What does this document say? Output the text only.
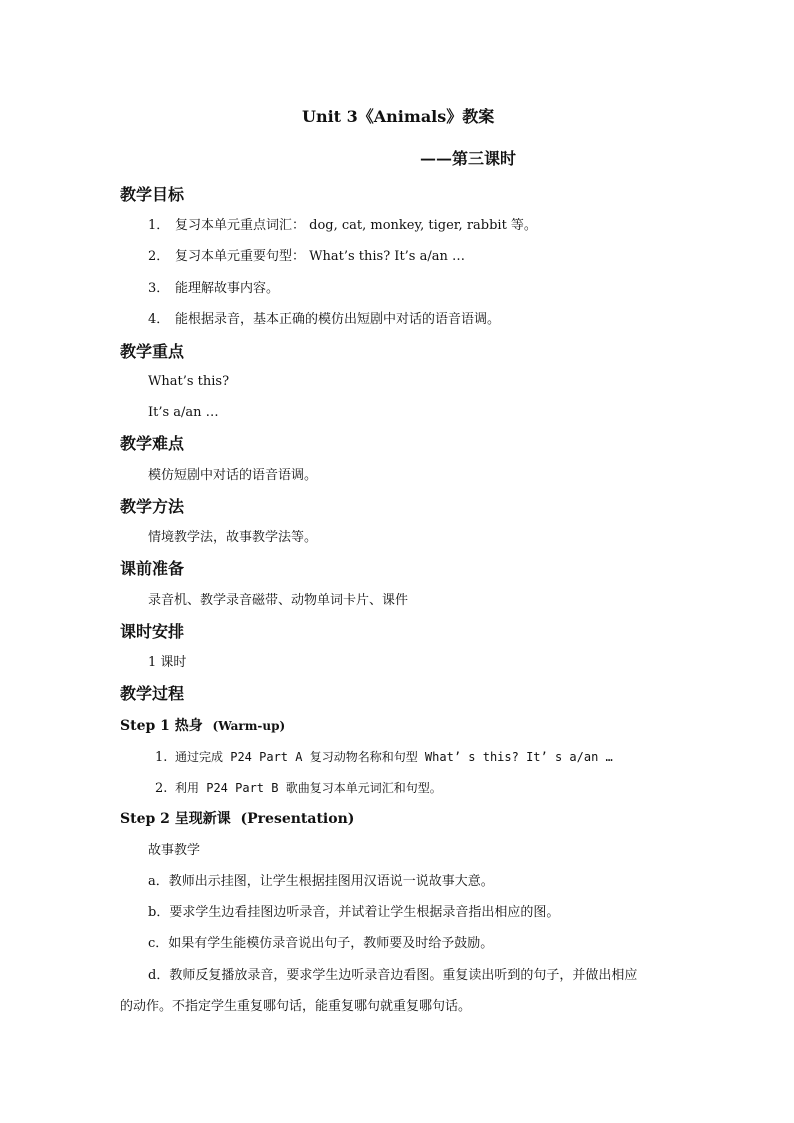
Unit 3《Animals》教案
——第三课时
教学目标
1． 复习本单元重点词汇： dog, cat, monkey, tiger, rabbit 等。
2． 复习本单元重要句型： What’s this? It’s a/an …
3． 能理解故事内容。
4． 能根据录音，基本正确的模仿出短剧中对话的语音语调。
教学重点
What’s this?
It’s a/an …
教学难点
模仿短剧中对话的语音语调。
教学方法
情境教学法，故事教学法等。
课前准备
录音机、教学录音磁带、动物单词卡片、课件
课时安排
1 课时
教学过程
Step 1 热身 (Warm-up)
1. 通过完成 P24 Part A 复习动物名称和句型 What’ s this? It’ s a/an …
2. 利用 P24 Part B 歌曲复习本单元词汇和句型。
Step 2 呈现新课 (Presentation)
故事教学
a．教师出示挂图，让学生根据挂图用汉语说一说故事大意。
b．要求学生边看挂图边听录音，并试着让学生根据录音指出相应的图。
c．如果有学生能模仿录音说出句子，教师要及时给予鼓励。
d．教师反复播放录音，要求学生边听录音边看图。重复读出听到的句子，并做出相应
的动作。不指定学生重复哪句话，能重复哪句就重复哪句话。
